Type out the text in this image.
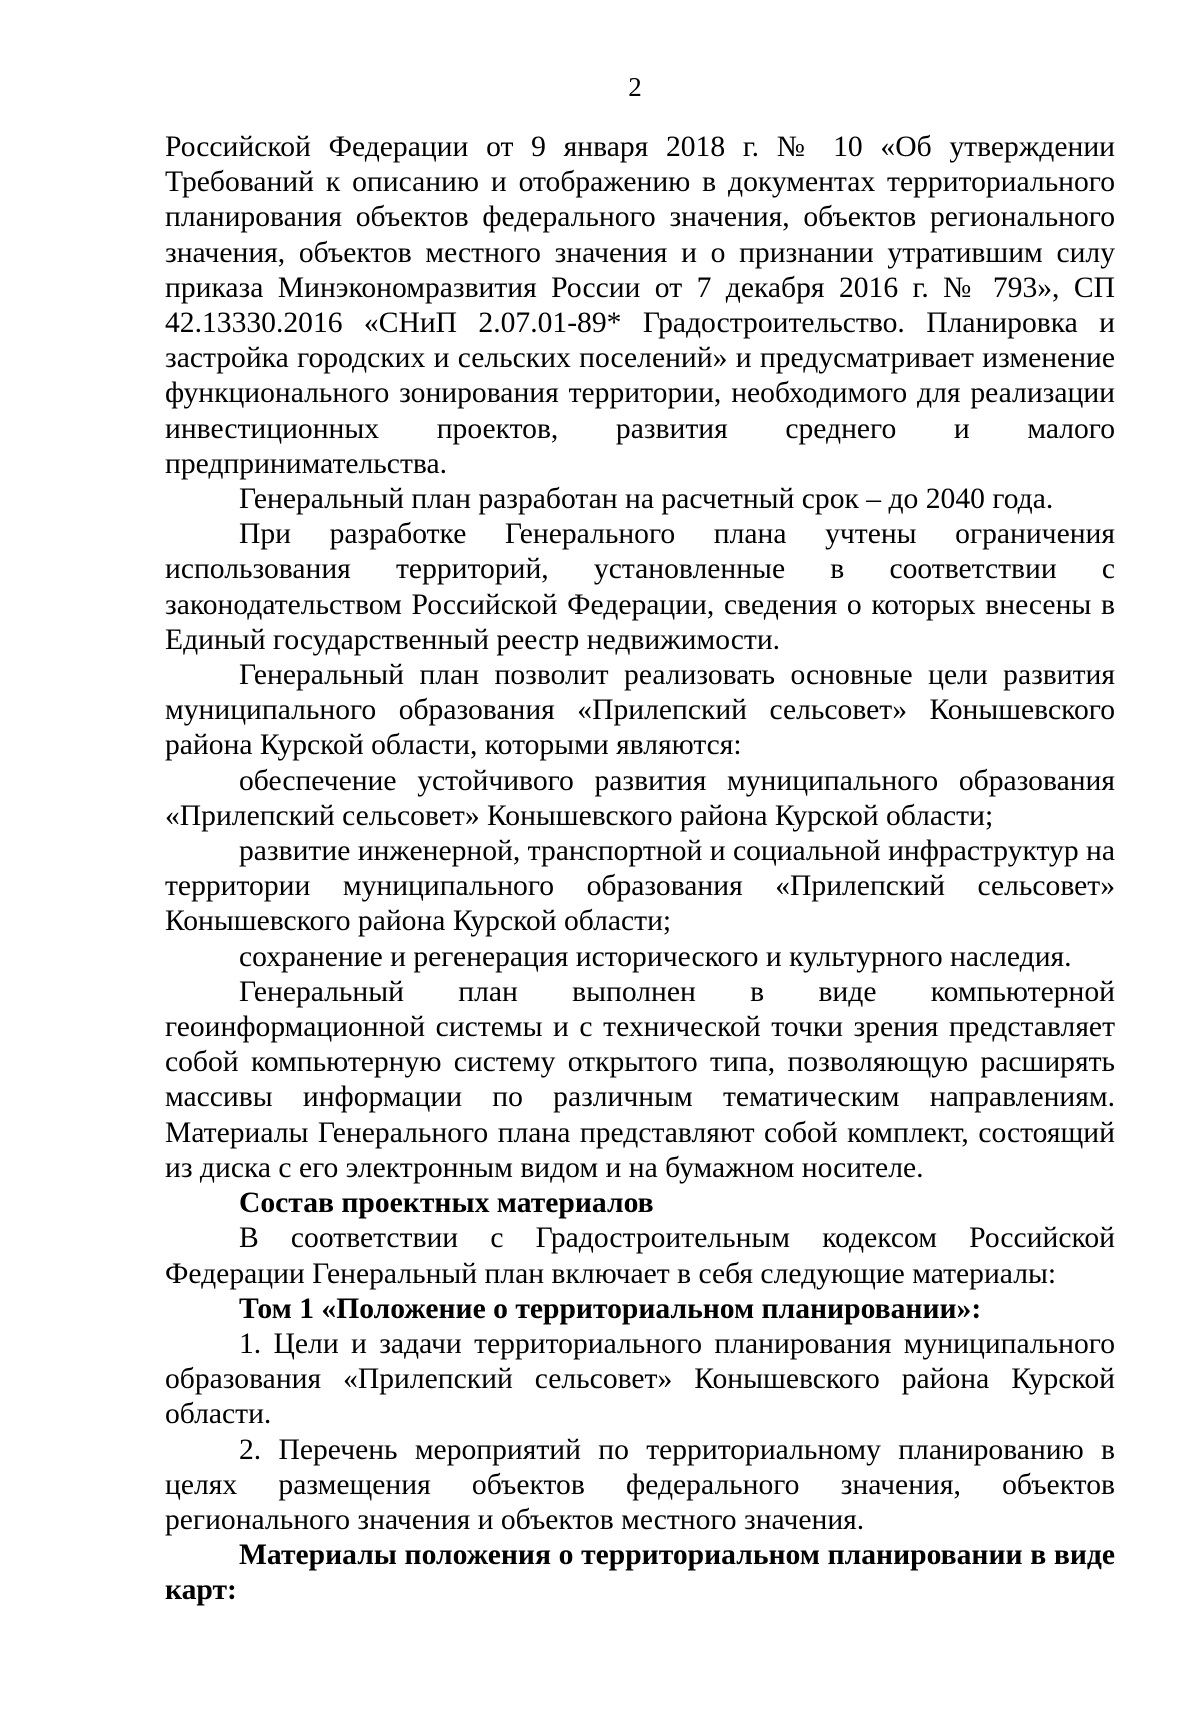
2

Российской Федерации от 9 января 2018 г. № 10 «Об утверждении Требований к описанию и отображению в документах территориального планирования объектов федерального значения, объектов регионального значения, объектов местного значения и о признании утратившим силу приказа Минэкономразвития России от 7 декабря 2016 г. № 793», СП 42.13330.2016 «СНиП 2.07.01-89* Градостроительство. Планировка и застройка городских и сельских поселений» и предусматривает изменение функционального зонирования территории, необходимого для реализации инвестиционных проектов, развития среднего и малого предпринимательства.

Генеральный план разработан на расчетный срок – до 2040 года.

При разработке Генерального плана учтены ограничения использования территорий, установленные в соответствии с законодательством Российской Федерации, сведения о которых внесены в Единый государственный реестр недвижимости.

Генеральный план позволит реализовать основные цели развития муниципального образования «Прилепский сельсовет» Конышевского района Курской области, которыми являются:

обеспечение устойчивого развития муниципального образования «Прилепский сельсовет» Конышевского района Курской области;

развитие инженерной, транспортной и социальной инфраструктур на территории муниципального образования «Прилепский сельсовет» Конышевского района Курской области;

сохранение и регенерация исторического и культурного наследия.

Генеральный план выполнен в виде компьютерной геоинформационной системы и с технической точки зрения представляет собой компьютерную систему открытого типа, позволяющую расширять массивы информации по различным тематическим направлениям. Материалы Генерального плана представляют собой комплект, состоящий из диска с его электронным видом и на бумажном носителе.

Состав проектных материалов

В соответствии с Градостроительным кодексом Российской Федерации Генеральный план включает в себя следующие материалы:

Том 1 «Положение о территориальном планировании»:

1. Цели и задачи территориального планирования муниципального образования «Прилепский сельсовет» Конышевского района Курской области.

2. Перечень мероприятий по территориальному планированию в целях размещения объектов федерального значения, объектов регионального значения и объектов местного значения.

Материалы положения о территориальном планировании в виде карт:
